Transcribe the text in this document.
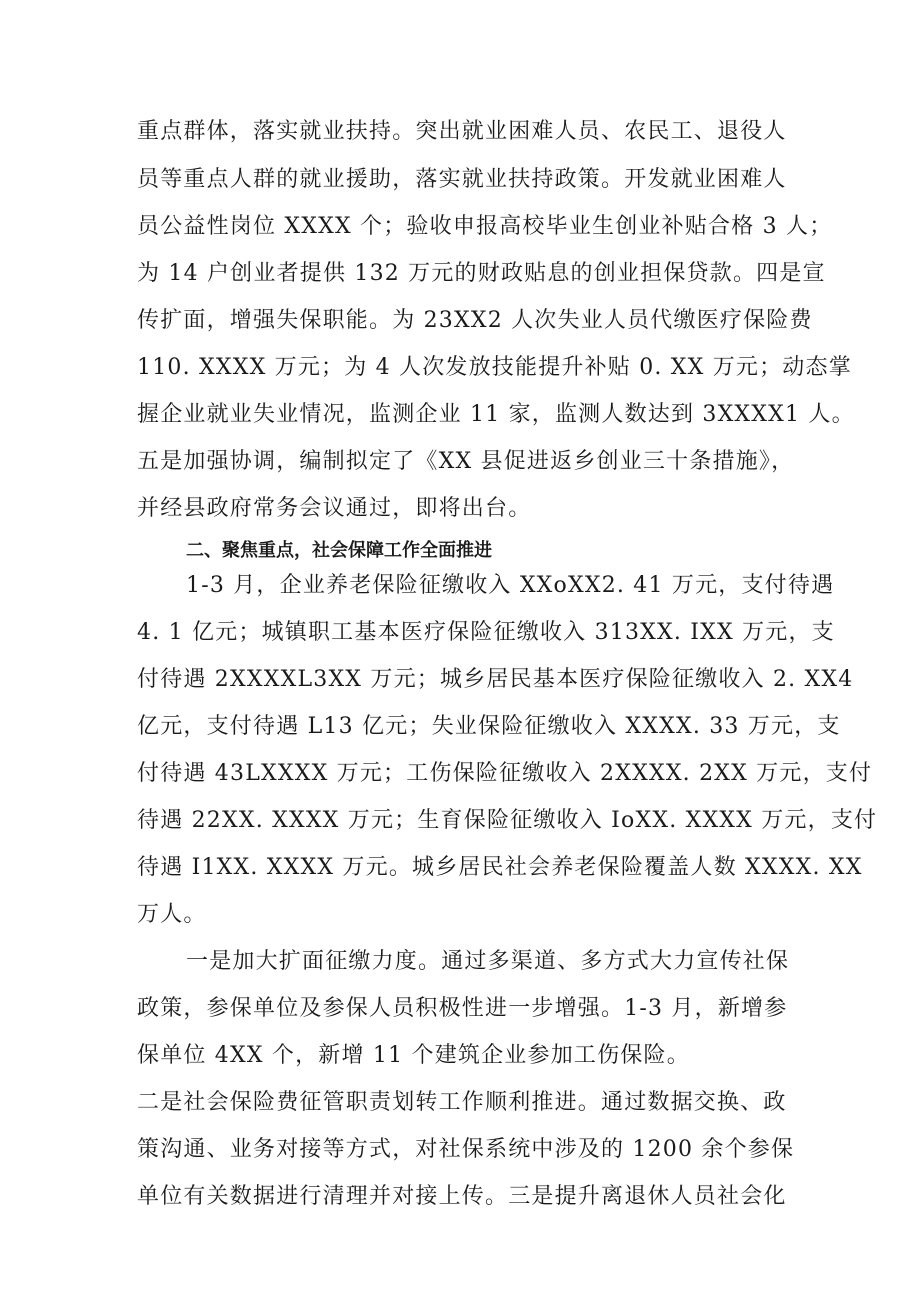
重点群体，落实就业扶持。突出就业困难人员、农民工、退役人
员等重点人群的就业援助，落实就业扶持政策。开发就业困难人
员公益性岗位 XXXX 个；验收申报高校毕业生创业补贴合格 3 人；
为 14 户创业者提供 132 万元的财政贴息的创业担保贷款。四是宣
传扩面，增强失保职能。为 23XX2 人次失业人员代缴医疗保险费
110. XXXX 万元；为 4 人次发放技能提升补贴 0. XX 万元；动态掌
握企业就业失业情况，监测企业 11 家，监测人数达到 3XXXX1 人。
五是加强协调，编制拟定了《XX 县促进返乡创业三十条措施》，
并经县政府常务会议通过，即将出台。
二、聚焦重点，社会保障工作全面推进
1-3 月，企业养老保险征缴收入 XXoXX2. 41 万元，支付待遇
4. 1 亿元；城镇职工基本医疗保险征缴收入 313XX. IXX 万元，支
付待遇 2XXXXL3XX 万元；城乡居民基本医疗保险征缴收入 2. XX4
亿元，支付待遇 L13 亿元；失业保险征缴收入 XXXX. 33 万元，支
付待遇 43LXXXX 万元；工伤保险征缴收入 2XXXX. 2XX 万元，支付
待遇 22XX. XXXX 万元；生育保险征缴收入 IoXX. XXXX 万元，支付
待遇 I1XX. XXXX 万元。城乡居民社会养老保险覆盖人数 XXXX. XX
万人。
一是加大扩面征缴力度。通过多渠道、多方式大力宣传社保
政策，参保单位及参保人员积极性进一步增强。1-3 月，新增参
保单位 4XX 个，新增 11 个建筑企业参加工伤保险。
二是社会保险费征管职责划转工作顺利推进。通过数据交换、政
策沟通、业务对接等方式，对社保系统中涉及的 1200 余个参保
单位有关数据进行清理并对接上传。三是提升离退休人员社会化
